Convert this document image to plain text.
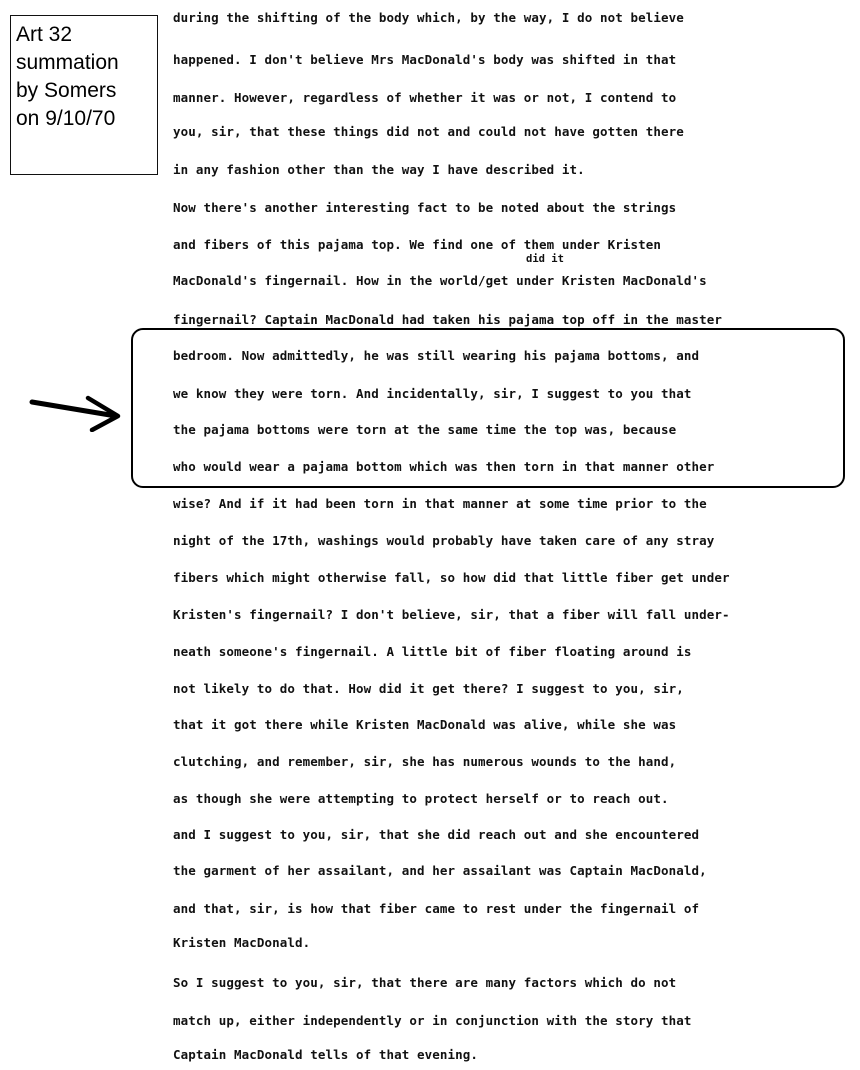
Art 32
summation
by Somers
on 9/10/70
during the shifting of the body which, by the way, I do not believe
happened. I don't believe Mrs MacDonald's body was shifted in that
manner. However, regardless of whether it was or not, I contend to
you, sir, that these things did not and could not have gotten there
in any fashion other than the way I have described it.
Now there's another interesting fact to be noted about the strings
and fibers of this pajama top. We find one of them under Kristen
MacDonald's fingernail. How in the world/get under Kristen MacDonald's
fingernail? Captain MacDonald had taken his pajama top off in the master
bedroom. Now admittedly, he was still wearing his pajama bottoms, and
we know they were torn. And incidentally, sir, I suggest to you that
the pajama bottoms were torn at the same time the top was, because
who would wear a pajama bottom which was then torn in that manner other
wise? And if it had been torn in that manner at some time prior to the
night of the 17th, washings would probably have taken care of any stray
fibers which might otherwise fall, so how did that little fiber get under
Kristen's fingernail? I don't believe, sir, that a fiber will fall under-
neath someone's fingernail. A little bit of fiber floating around is
not likely to do that. How did it get there? I suggest to you, sir,
that it got there while Kristen MacDonald was alive, while she was
clutching, and remember, sir, she has numerous wounds to the hand,
as though she were attempting to protect herself or to reach out.
and I suggest to you, sir, that she did reach out and she encountered
the garment of her assailant, and her assailant was Captain MacDonald,
and that, sir, is how that fiber came to rest under the fingernail of
Kristen MacDonald.
So I suggest to you, sir, that there are many factors which do not
match up, either independently or in conjunction with the story that
Captain MacDonald tells of that evening.
did it
